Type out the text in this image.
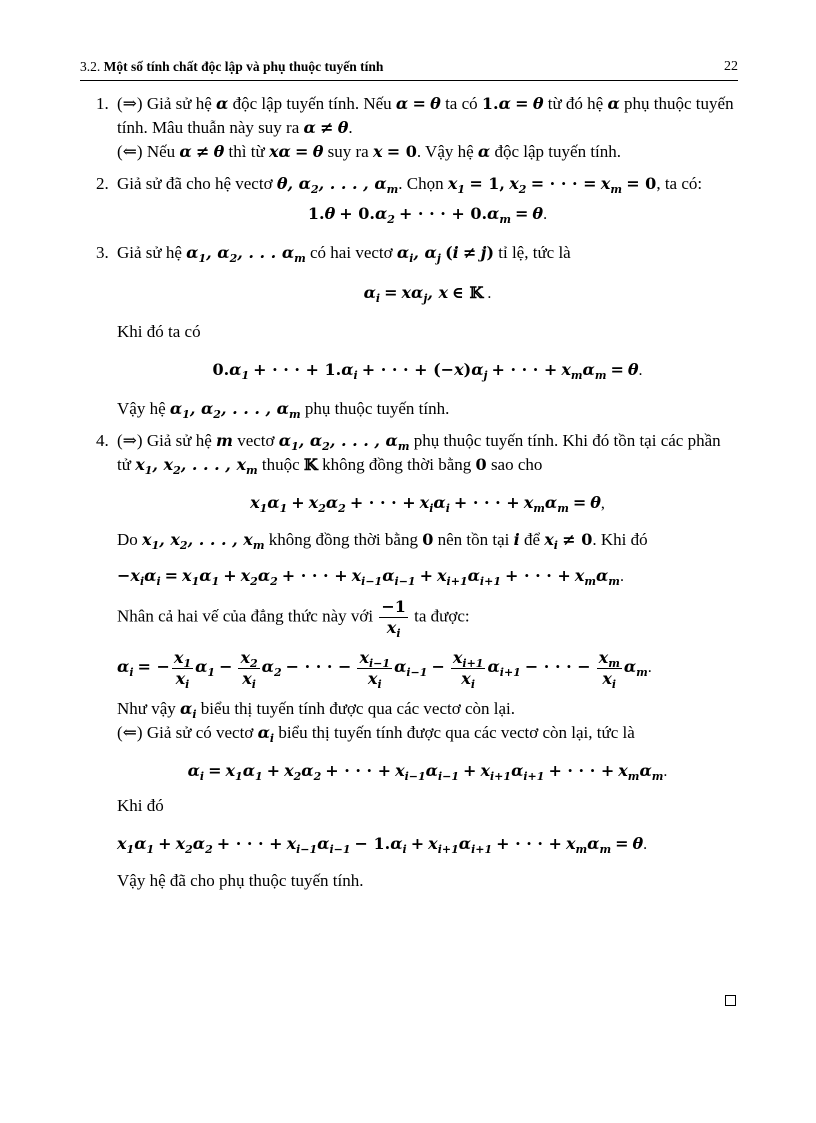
3.2. Một số tính chất độc lập và phụ thuộc tuyến tính	22
1. (⇒) Giả sử hệ α độc lập tuyến tính. Nếu α = θ ta có 1.α = θ từ đó hệ α phụ thuộc tuyến tính. Mâu thuẫn này suy ra α ≠ θ.
(⇐) Nếu α ≠ θ thì từ xα = θ suy ra x = 0. Vậy hệ α độc lập tuyến tính.
2. Giả sử đã cho hệ vectơ θ, $\alpha_2$, . . . , $\alpha_m$. Chọn $x_1 = 1$, $x_2$ = · · · = $x_m = 0$, ta có:
$1.\theta + 0.\alpha_2$ + · · · + $0.\alpha_m = \theta$.
3. Giả sử hệ $\alpha_1$, $\alpha_2$, . . . $\alpha_m$ có hai vectơ $\alpha_i$, $\alpha_j$ (i ≠ j) tỉ lệ, tức là
$\alpha_i = x\alpha_j$, x ∈ 𝕂 .
Khi đó ta có
$0.\alpha_1$ + · · · + $1.\alpha_i$ + · · · + $(-x)\alpha_j$ + · · · + $x_m\alpha_m = \theta$.
Vậy hệ $\alpha_1$, $\alpha_2$, . . . , $\alpha_m$ phụ thuộc tuyến tính.
4. (⇒) Giả sử hệ m vectơ $\alpha_1$, $\alpha_2$, . . . , $\alpha_m$ phụ thuộc tuyến tính. Khi đó tồn tại các phần tử $x_1$, $x_2$, . . . , $x_m$ thuộc 𝕂 không đồng thời bằng 0 sao cho
$x_1\alpha_1 + x_2\alpha_2$ + · · · + $x_i\alpha_i$ + · · · + $x_m\alpha_m = \theta$,
Do $x_1$, $x_2$, . . . , $x_m$ không đồng thời bằng 0 nên tồn tại i để $x_i \ne 0$. Khi đó
$-x_i\alpha_i = x_1\alpha_1 + x_2\alpha_2$ + · · · + $x_{i-1}\alpha_{i-1} + x_{i+1}\alpha_{i+1}$ + · · · + $x_m\alpha_m$.
Nhân cả hai vế của đẳng thức này với $\frac{-1}{x_i}$ ta được:
$\alpha_i$ = − $\frac{x_1}{x_i} \alpha_1 - \frac{x_2}{x_i} \alpha_2$ − · · · − $\frac{x_{i-1}}{x_i} \alpha_{i-1} - \frac{x_{i+1}}{x_i} \alpha_{i+1}$ − · · · − $\frac{x_m}{x_i} \alpha_m$.
Như vậy $\alpha_i$ biểu thị tuyến tính được qua các vectơ còn lại.
(⇐) Giả sử có vectơ $\alpha_i$ biểu thị tuyến tính được qua các vectơ còn lại, tức là
$\alpha_i = x_1\alpha_1 + x_2\alpha_2$ + · · · + $x_{i-1}\alpha_{i-1} + x_{i+1}\alpha_{i+1}$ + · · · + $x_m\alpha_m$.
Khi đó
$x_1\alpha_1 + x_2\alpha_2$ + · · · + $x_{i-1}\alpha_{i-1} - 1.\alpha_i + x_{i+1}\alpha_{i+1}$ + · · · + $x_m\alpha_m = \theta$.
Vậy hệ đã cho phụ thuộc tuyến tính.
